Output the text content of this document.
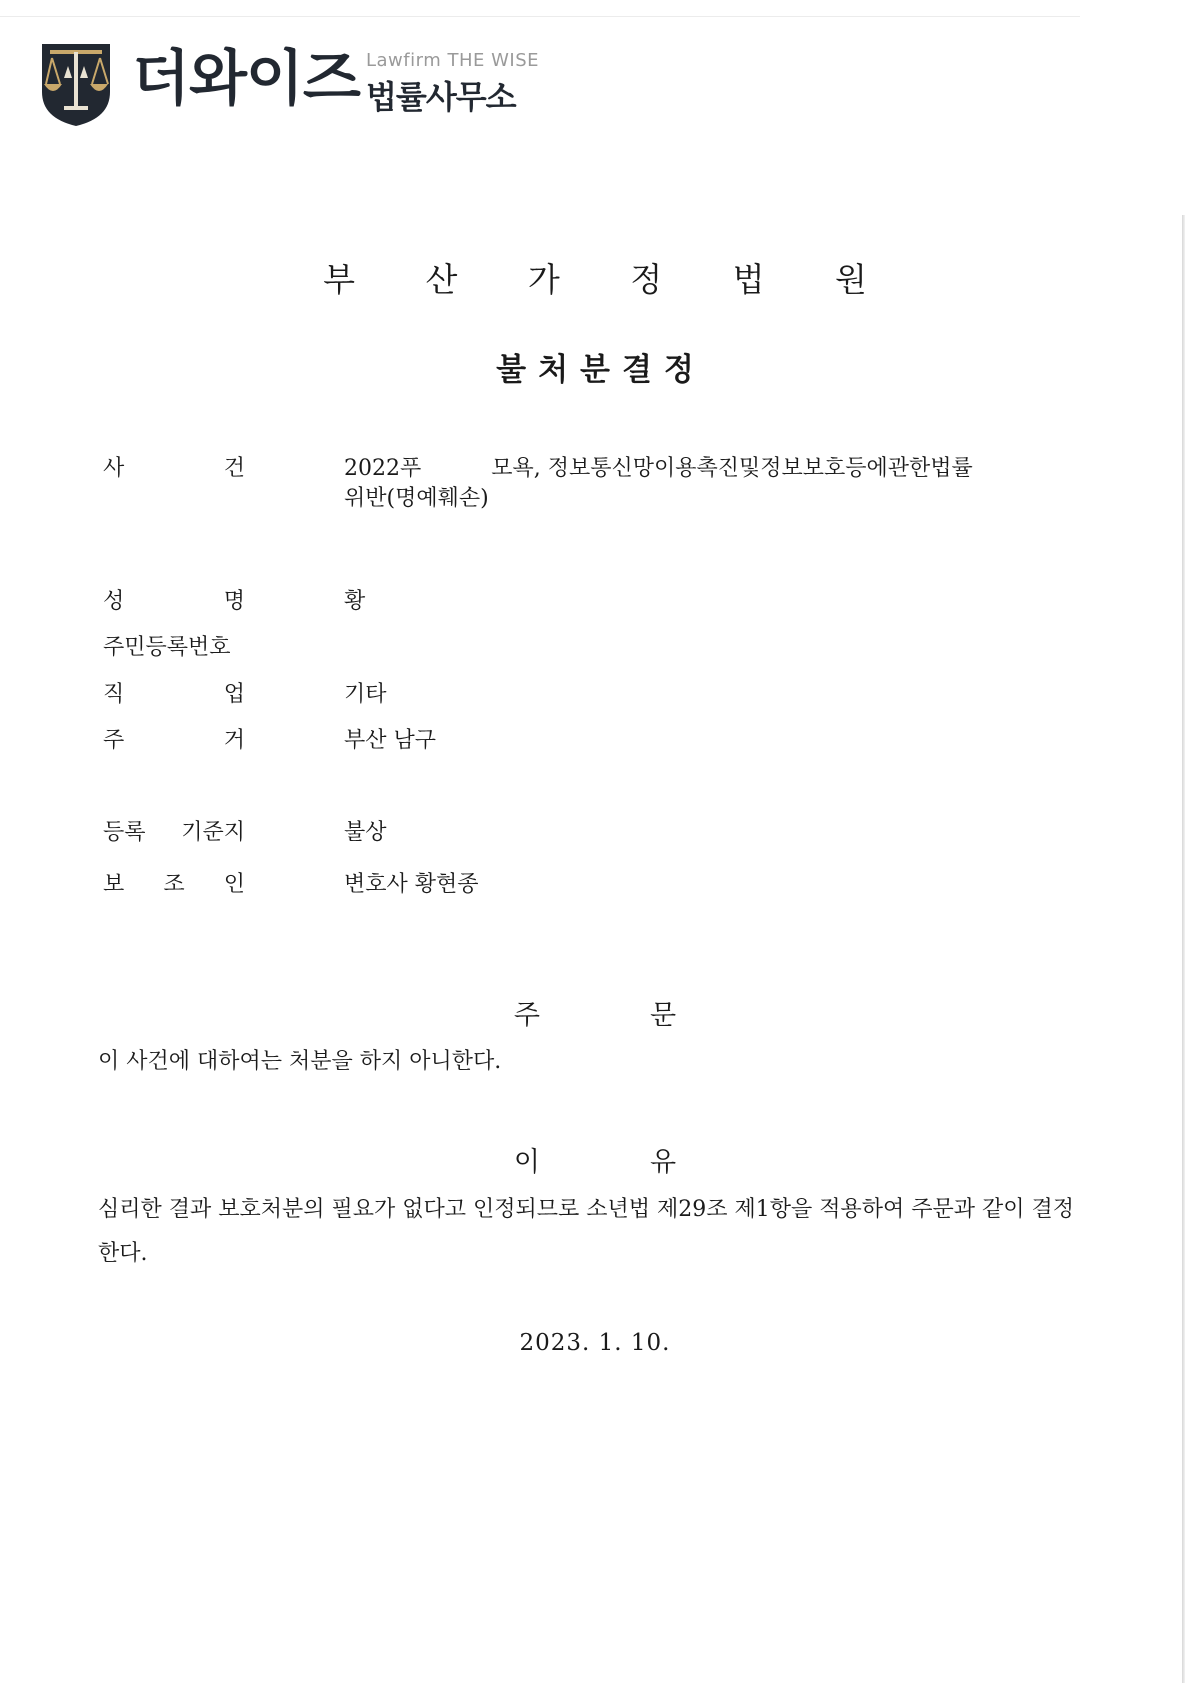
더와이즈 Lawfirm THE WISE
법률사무소
부 산 가 정 법 원
불처분결정
사	건	2022푸	모욕, 정보통신망이용촉진및정보보호등에관한법률
위반(명예훼손)
성	명	황
주민등록번호
직	업	기타
주	거	부산 남구
등록 기준지	불상
보 조 인	변호사 황현종
주	문
이 사건에 대하여는 처분을 하지 아니한다.
이	유
심리한 결과 보호처분의 필요가 없다고 인정되므로 소년법 제29조 제1항을 적용하여 주문과 같이 결정한다.
2023. 1. 10.
